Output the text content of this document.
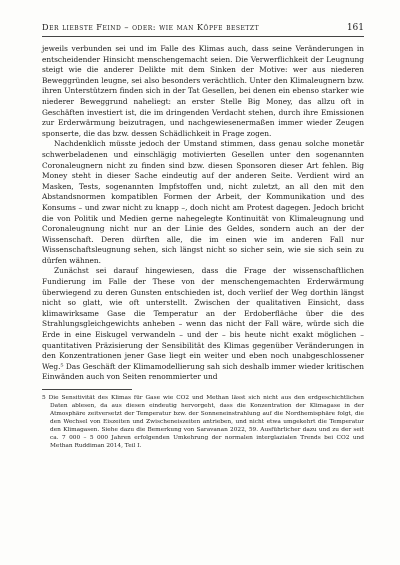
Der liebste Feind – oder: wie man Köpfe besetzt	161

jeweils verbunden sei und im Falle des Klimas auch, dass seine Veränderungen in entscheidender Hinsicht menschengemacht seien. Die Verwerflichkeit der Leugnung steigt wie die anderer Delikte mit dem Sinken der Motive: wer aus niederen Beweggründen leugne, sei also besonders verächtlich. Unter den Klimaleugnern bzw. ihren Unterstützern finden sich in der Tat Gesellen, bei denen ein ebenso starker wie niederer Beweggrund naheliegt: an erster Stelle Big Money, das allzu oft in Geschäften investiert ist, die im dringenden Verdacht stehen, durch ihre Emissionen zur Erderwärmung beizutragen, und nachgewiesenermaßen immer wieder Zeugen sponserte, die das bzw. dessen Schädlichkeit in Frage zogen.

Nachdenklich müsste jedoch der Umstand stimmen, dass genau solche monetär schwerbeladenen und einschlägig motivierten Gesellen unter den sogenannten Coronaleugnern nicht zu finden sind bzw. diesen Sponsoren dieser Art fehlen. Big Money steht in dieser Sache eindeutig auf der anderen Seite. Verdient wird an Masken, Tests, sogenannten Impfstoffen und, nicht zuletzt, an all den mit den Abstandsnormen kompatiblen Formen der Arbeit, der Kommunikation und des Konsums – und zwar nicht zu knapp –, doch nicht am Protest dagegen. Jedoch bricht die von Politik und Medien gerne nahegelegte Kontinuität von Klimaleugnung und Coronaleugnung nicht nur an der Linie des Geldes, sondern auch an der der Wissenschaft. Deren dürften alle, die im einen wie im anderen Fall nur Wissenschaftsleugnung sehen, sich längst nicht so sicher sein, wie sie sich sein zu dürfen wähnen.

Zunächst sei darauf hingewiesen, dass die Frage der wissenschaftlichen Fundierung im Falle der These von der menschengemachten Erderwärmung überwiegend zu deren Gunsten entschieden ist, doch verlief der Weg dorthin längst nicht so glatt, wie oft unterstellt. Zwischen der qualitativen Einsicht, dass klimawirksame Gase die Temperatur an der Erdoberfläche über die des Strahlungsgleichgewichts anheben – wenn das nicht der Fall wäre, würde sich die Erde in eine Eiskugel verwandeln – und der – bis heute nicht exakt möglichen – quantitativen Präzisierung der Sensibilität des Klimas gegenüber Veränderungen in den Konzentrationen jener Gase liegt ein weiter und eben noch unabgeschlossener Weg.⁵ Das Geschäft der Klimamodellierung sah sich deshalb immer wieder kritischen Einwänden auch von Seiten renommierter und

5 Die Sensitivität des Klimas für Gase wie CO2 und Methan lässt sich nicht aus den erdgeschichtlichen Daten ablesen, da aus diesen eindeutig hervorgeht, dass die Konzentration der Klimagase in der Atmosphäre zeitversetzt der Temperatur bzw. der Sonneneinstrahlung auf die Nordhemisphäre folgt, die den Wechsel von Eiszeiten und Zwischeneiszeiten antrieben, und nicht etwa umgekehrt die Temperatur den Klimagasen. Siehe dazu die Bemerkung von Saravanan 2022, 59. Ausführlicher dazu und zu der seit ca. 7 000 – 5 000 Jahren erfolgenden Umkehrung der normalen interglazialen Trends bei CO2 und Methan Ruddiman 2014, Teil I.
